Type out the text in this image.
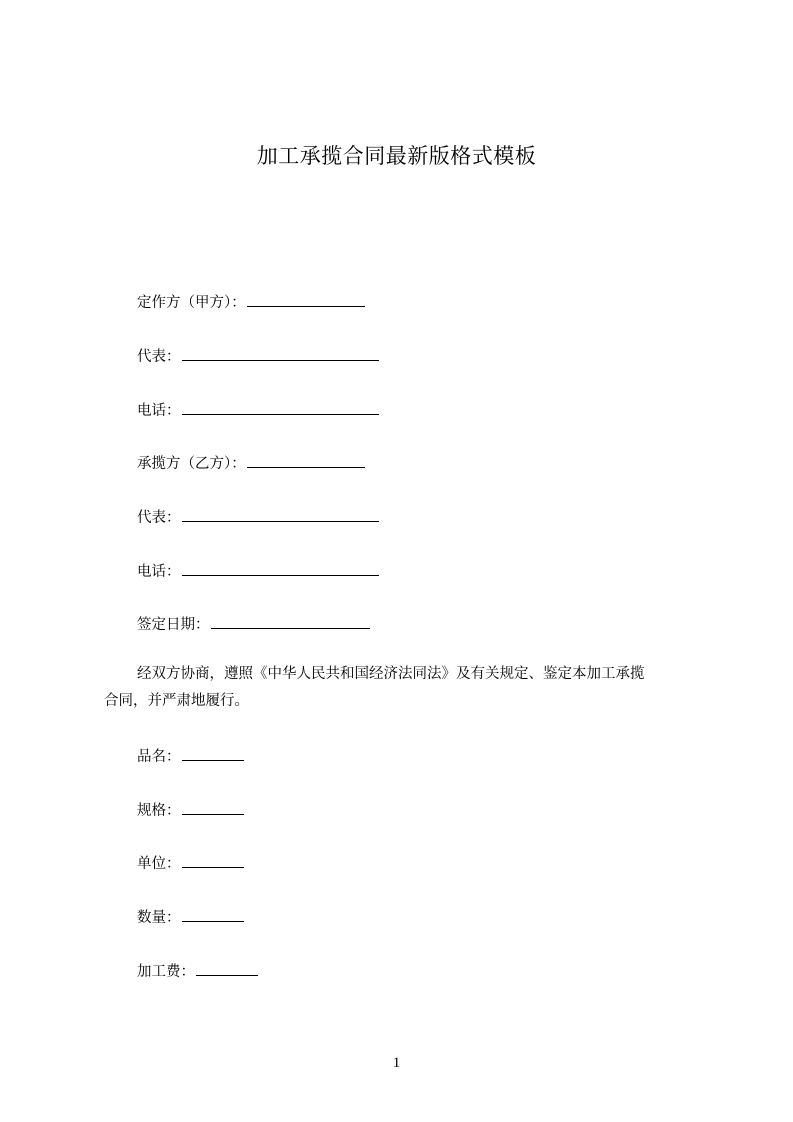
加工承揽合同最新版格式模板
定作方（甲方）：
代表：
电话：
承揽方（乙方）：
代表：
电话：
签定日期：
经双方协商，遵照《中华人民共和国经济法同法》及有关规定、鉴定本加工承揽
合同，并严肃地履行。
品名：
规格：
单位：
数量：
加工费：
1
